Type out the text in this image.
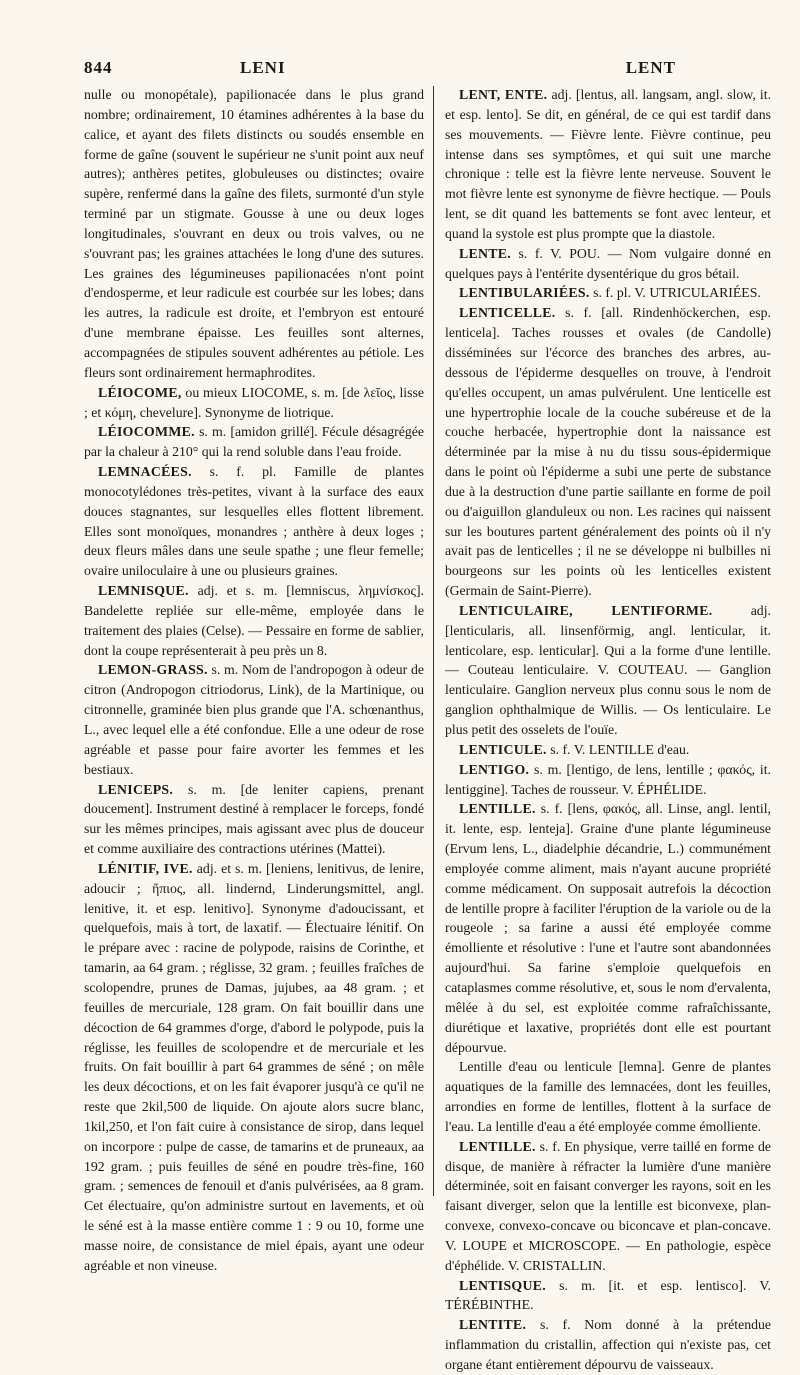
844	LENI	LENT

nulle ou monopétale), papilionacée dans le plus grand nombre; ordinairement, 10 étamines adhérentes à la base du calice, et ayant des filets distincts ou soudés ensemble en forme de gaîne (souvent le supérieur ne s'unit point aux neuf autres); anthères petites, globuleuses ou distinctes; ovaire supère, renfermé dans la gaîne des filets, surmonté d'un style terminé par un stigmate. Gousse à une ou deux loges longitudinales, s'ouvrant en deux ou trois valves, ou ne s'ouvrant pas; les graines attachées le long d'une des sutures. Les graines des légumineuses papilionacées n'ont point d'endosperme, et leur radicule est courbée sur les lobes; dans les autres, la radicule est droite, et l'embryon est entouré d'une membrane épaisse. Les feuilles sont alternes, accompagnées de stipules souvent adhérentes au pétiole. Les fleurs sont ordinairement hermaphrodites.

LÉIOCOME, ou mieux LIOCOME, s. m. [de λεῖος, lisse ; et κόμη, chevelure]. Synonyme de liotrique.

LÉIOCOMME. s. m. [amidon grillé]. Fécule désagrégée par la chaleur à 210° qui la rend soluble dans l'eau froide.

LEMNACÉES. s. f. pl. Famille de plantes monocotylédones très-petites, vivant à la surface des eaux douces stagnantes, sur lesquelles elles flottent librement. Elles sont monoïques, monandres ; anthère à deux loges ; deux fleurs mâles dans une seule spathe ; une fleur femelle; ovaire uniloculaire à une ou plusieurs graines.

LEMNISQUE. adj. et s. m. [lemniscus, λημνίσκος]. Bandelette repliée sur elle-même, employée dans le traitement des plaies (Celse). — Pessaire en forme de sablier, dont la coupe représenterait à peu près un 8.

LEMON-GRASS. s. m. Nom de l'andropogon à odeur de citron (Andropogon citriodorus, Link), de la Martinique, ou citronnelle, graminée bien plus grande que l'A. schœnanthus, L., avec lequel elle a été confondue. Elle a une odeur de rose agréable et passe pour faire avorter les femmes et les bestiaux.

LENICEPS. s. m. [de leniter capiens, prenant doucement]. Instrument destiné à remplacer le forceps, fondé sur les mêmes principes, mais agissant avec plus de douceur et comme auxiliaire des contractions utérines (Mattei).

LÉNITIF, IVE. adj. et s. m. [leniens, lenitivus, de lenire, adoucir ; ἤπιος, all. lindernd, Linderungsmittel, angl. lenitive, it. et esp. lenitivo]. Synonyme d'adoucissant, et quelquefois, mais à tort, de laxatif. — Électuaire lénitif. On le prépare avec : racine de polypode, raisins de Corinthe, et tamarin, aa 64 gram. ; réglisse, 32 gram. ; feuilles fraîches de scolopendre, prunes de Damas, jujubes, aa 48 gram. ; et feuilles de mercuriale, 128 gram. On fait bouillir dans une décoction de 64 grammes d'orge, d'abord le polypode, puis la réglisse, les feuilles de scolopendre et de mercuriale et les fruits. On fait bouillir à part 64 grammes de séné ; on mêle les deux décoctions, et on les fait évaporer jusqu'à ce qu'il ne reste que 2kil,500 de liquide. On ajoute alors sucre blanc, 1kil,250, et l'on fait cuire à consistance de sirop, dans lequel on incorpore : pulpe de casse, de tamarins et de pruneaux, aa 192 gram. ; puis feuilles de séné en poudre très-fine, 160 gram. ; semences de fenouil et d'anis pulvérisées, aa 8 gram. Cet électuaire, qu'on administre surtout en lavements, et où le séné est à la masse entière comme 1 : 9 ou 10, forme une masse noire, de consistance de miel épais, ayant une odeur agréable et non vineuse.

LENT, ENTE. adj. [lentus, all. langsam, angl. slow, it. et esp. lento]. Se dit, en général, de ce qui est tardif dans ses mouvements. — Fièvre lente. Fièvre continue, peu intense dans ses symptômes, et qui suit une marche chronique : telle est la fièvre lente nerveuse. Souvent le mot fièvre lente est synonyme de fièvre hectique. — Pouls lent, se dit quand les battements se font avec lenteur, et quand la systole est plus prompte que la diastole.

LENTE. s. f. V. POU. — Nom vulgaire donné en quelques pays à l'entérite dysentérique du gros bétail.

LENTIBULARIÉES. s. f. pl. V. UTRICULARIÉES.

LENTICELLE. s. f. [all. Rindenhöckerchen, esp. lenticela]. Taches rousses et ovales (de Candolle) disséminées sur l'écorce des branches des arbres, au-dessous de l'épiderme desquelles on trouve, à l'endroit qu'elles occupent, un amas pulvérulent. Une lenticelle est une hypertrophie locale de la couche subéreuse et de la couche herbacée, hypertrophie dont la naissance est déterminée par la mise à nu du tissu sous-épidermique dans le point où l'épiderme a subi une perte de substance due à la destruction d'une partie saillante en forme de poil ou d'aiguillon glanduleux ou non. Les racines qui naissent sur les boutures partent généralement des points où il n'y avait pas de lenticelles ; il ne se développe ni bulbilles ni bourgeons sur les points où les lenticelles existent (Germain de Saint-Pierre).

LENTICULAIRE, LENTIFORME.	adj. [lenticularis, all. linsenförmig, angl. lenticular, it. lenticolare, esp. lenticular]. Qui a la forme d'une lentille. — Couteau lenticulaire. V. COUTEAU. — Ganglion lenticulaire. Ganglion nerveux plus connu sous le nom de ganglion ophthalmique de Willis. — Os lenticulaire. Le plus petit des osselets de l'ouïe.

LENTICULE. s. f. V. LENTILLE d'eau.

LENTIGO. s. m. [lentigo, de lens, lentille ; φακός, it. lentiggine]. Taches de rousseur. V. ÉPHÉLIDE.

LENTILLE. s. f. [lens, φακός, all. Linse, angl. lentil, it. lente, esp. lenteja]. Graine d'une plante légumineuse (Ervum lens, L., diadelphie décandrie, L.) communément employée comme aliment, mais n'ayant aucune propriété comme médicament. On supposait autrefois la décoction de lentille propre à faciliter l'éruption de la variole ou de la rougeole ; sa farine a aussi été employée comme émolliente et résolutive : l'une et l'autre sont abandonnées aujourd'hui. Sa farine s'emploie quelquefois en cataplasmes comme résolutive, et, sous le nom d'ervalenta, mêlée à du sel, est exploitée comme rafraîchissante, diurétique et laxative, propriétés dont elle est pourtant dépourvue.

Lentille d'eau ou lenticule [lemna]. Genre de plantes aquatiques de la famille des lemnacées, dont les feuilles, arrondies en forme de lentilles, flottent à la surface de l'eau. La lentille d'eau a été employée comme émolliente.

LENTILLE. s. f. En physique, verre taillé en forme de disque, de manière à réfracter la lumière d'une manière déterminée, soit en faisant converger les rayons, soit en les faisant diverger, selon que la lentille est biconvexe, plan-convexe, convexo-concave ou biconcave et plan-concave. V. LOUPE et MICROSCOPE. — En pathologie, espèce d'éphélide. V. CRISTALLIN.

LENTISQUE. s. m. [it. et esp. lentisco]. V. TÉRÉBINTHE.

LENTITE. s. f. Nom donné à la prétendue inflammation du cristallin, affection qui n'existe pas, cet organe étant entièrement dépourvu de vaisseaux.
